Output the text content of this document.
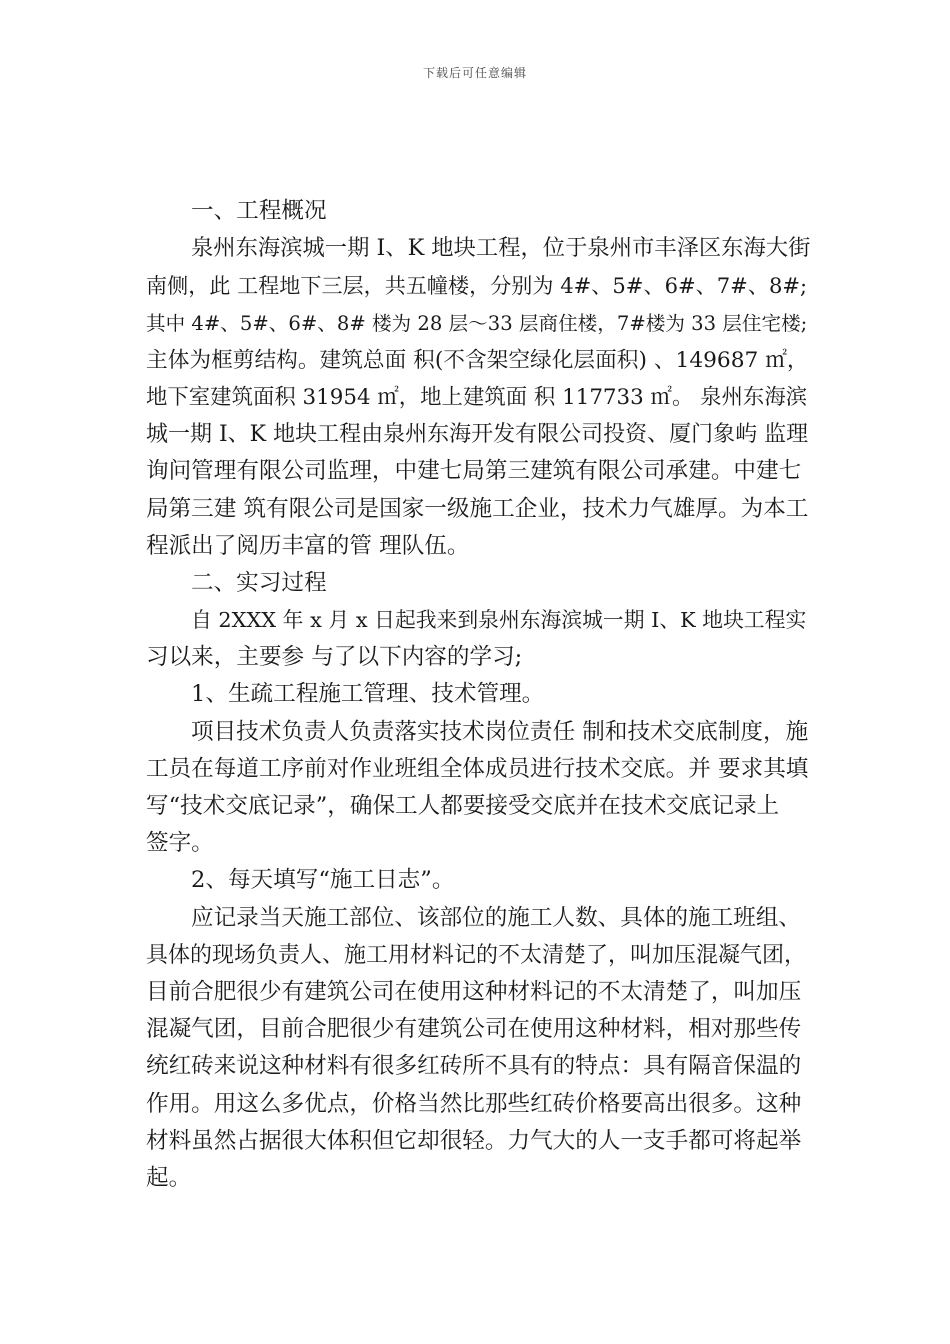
下载后可任意编辑
一、工程概况
泉州东海滨城一期 I、K 地块工程，位于泉州市丰泽区东海大街
南侧，此 工程地下三层，共五幢楼，分别为 4#、5#、6#、7#、8#;
其中 4#、5#、6#、8# 楼为 28 层～33 层商住楼，7#楼为 33 层住宅楼;
主体为框剪结构。建筑总面 积(不含架空绿化层面积) 、149687 ㎡，
地下室建筑面积 31954 ㎡，地上建筑面 积 117733 ㎡。 泉州东海滨
城一期 I、K 地块工程由泉州东海开发有限公司投资、厦门象屿 监理
询问管理有限公司监理，中建七局第三建筑有限公司承建。中建七
局第三建 筑有限公司是国家一级施工企业，技术力气雄厚。为本工
程派出了阅历丰富的管 理队伍。
二、实习过程
自 2XXX 年 x 月 x 日起我来到泉州东海滨城一期 I、K 地块工程实
习以来，主要参 与了以下内容的学习;
1、生疏工程施工管理、技术管理。
项目技术负责人负责落实技术岗位责任 制和技术交底制度，施
工员在每道工序前对作业班组全体成员进行技术交底。并 要求其填
写“技术交底记录”，确保工人都要接受交底并在技术交底记录上
签字。
2、每天填写“施工日志”。
应记录当天施工部位、该部位的施工人数、具体的施工班组、
具体的现场负责人、施工用材料记的不太清楚了，叫加压混凝气团，
目前合肥很少有建筑公司在使用这种材料记的不太清楚了，叫加压
混凝气团，目前合肥很少有建筑公司在使用这种材料，相对那些传
统红砖来说这种材料有很多红砖所不具有的特点：具有隔音保温的
作用。用这么多优点，价格当然比那些红砖价格要高出很多。这种
材料虽然占据很大体积但它却很轻。力气大的人一支手都可将起举
起。
